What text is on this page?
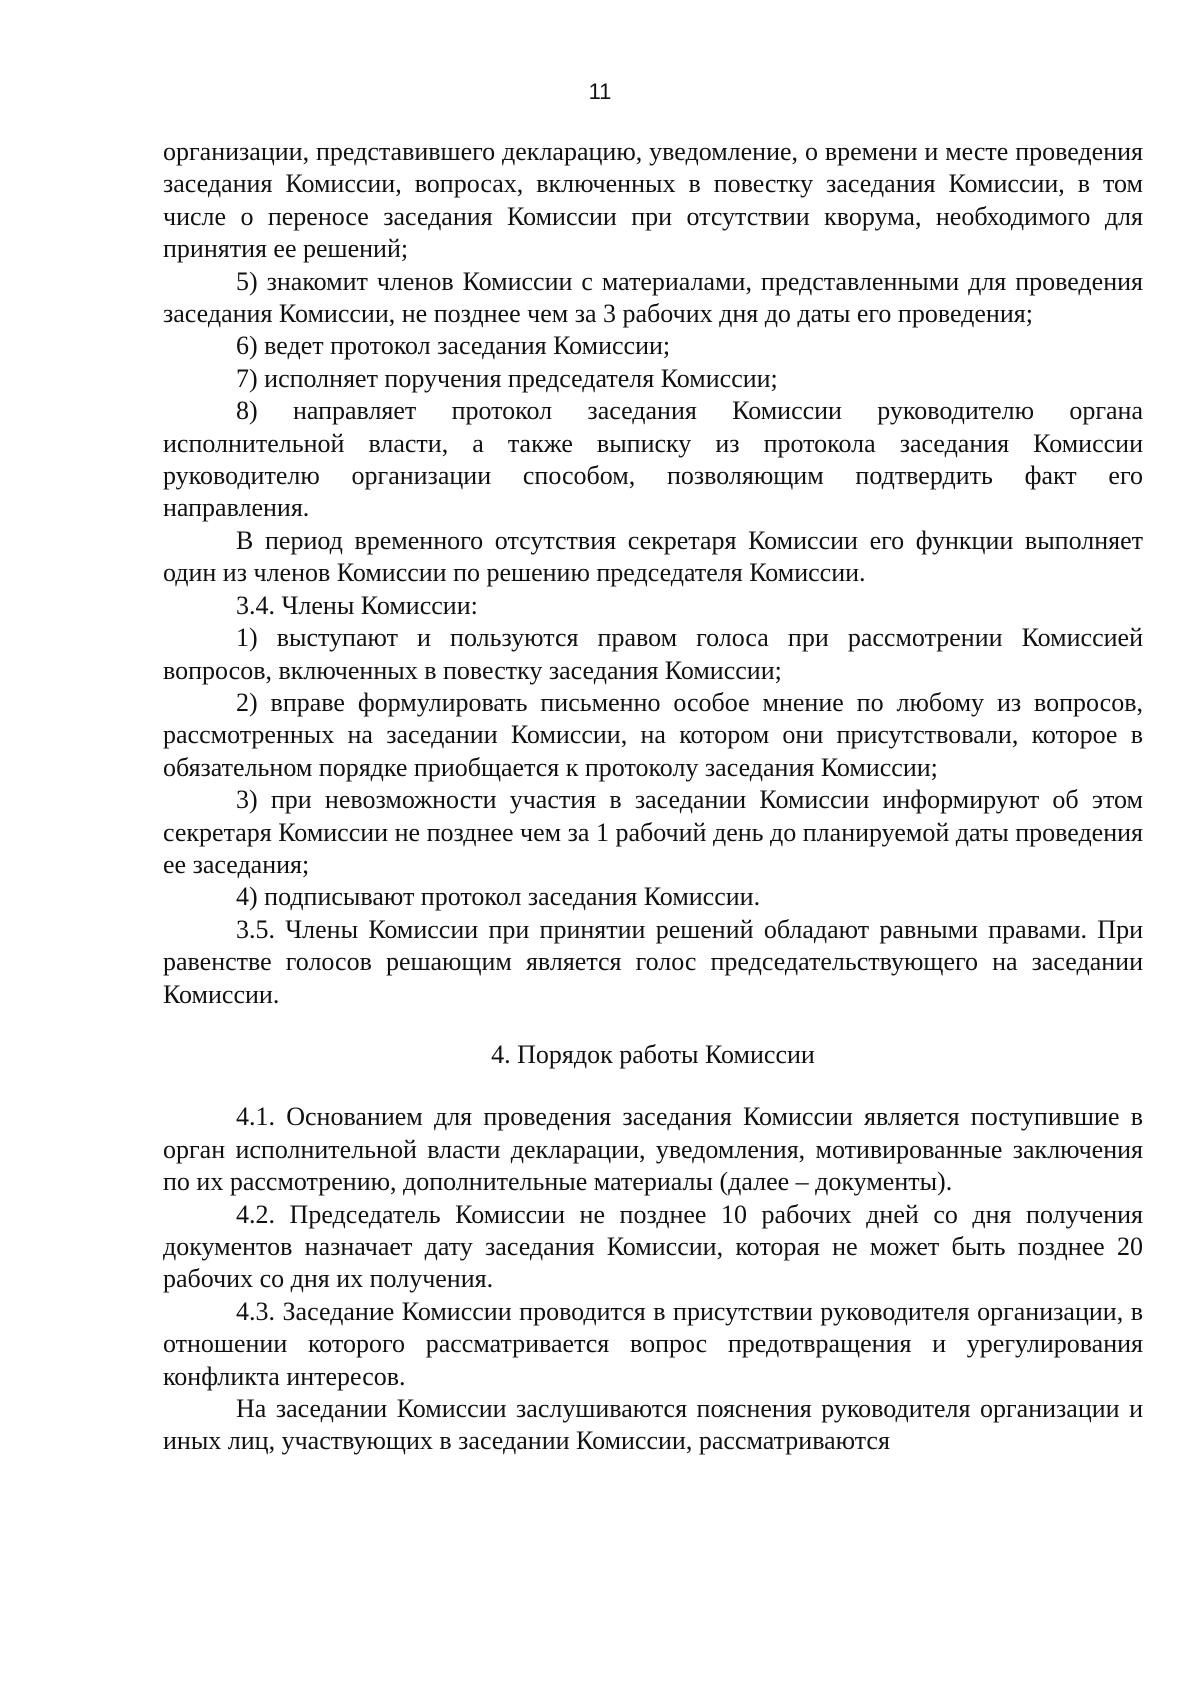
11

организации, представившего декларацию, уведомление, о времени и месте проведения заседания Комиссии, вопросах, включенных в повестку заседания Комиссии, в том числе о переносе заседания Комиссии при отсутствии кворума, необходимого для принятия ее решений;

5) знакомит членов Комиссии с материалами, представленными для проведения заседания Комиссии, не позднее чем за 3 рабочих дня до даты его проведения;

6) ведет протокол заседания Комиссии;

7) исполняет поручения председателя Комиссии;

8) направляет протокол заседания Комиссии руководителю органа исполнительной власти, а также выписку из протокола заседания Комиссии руководителю организации способом, позволяющим подтвердить факт его направления.

В период временного отсутствия секретаря Комиссии его функции выполняет один из членов Комиссии по решению председателя Комиссии.

3.4. Члены Комиссии:

1) выступают и пользуются правом голоса при рассмотрении Комиссией вопросов, включенных в повестку заседания Комиссии;

2) вправе формулировать письменно особое мнение по любому из вопросов, рассмотренных на заседании Комиссии, на котором они присутствовали, которое в обязательном порядке приобщается к протоколу заседания Комиссии;

3) при невозможности участия в заседании Комиссии информируют об этом секретаря Комиссии не позднее чем за 1 рабочий день до планируемой даты проведения ее заседания;

4) подписывают протокол заседания Комиссии.

3.5. Члены Комиссии при принятии решений обладают равными правами. При равенстве голосов решающим является голос председательствующего на заседании Комиссии.

4. Порядок работы Комиссии

4.1. Основанием для проведения заседания Комиссии является поступившие в орган исполнительной власти декларации, уведомления, мотивированные заключения по их рассмотрению, дополнительные материалы (далее – документы).

4.2. Председатель Комиссии не позднее 10 рабочих дней со дня получения документов назначает дату заседания Комиссии, которая не может быть позднее 20 рабочих со дня их получения.

4.3. Заседание Комиссии проводится в присутствии руководителя организации, в отношении которого рассматривается вопрос предотвращения и урегулирования конфликта интересов.

На заседании Комиссии заслушиваются пояснения руководителя организации и иных лиц, участвующих в заседании Комиссии, рассматриваются
